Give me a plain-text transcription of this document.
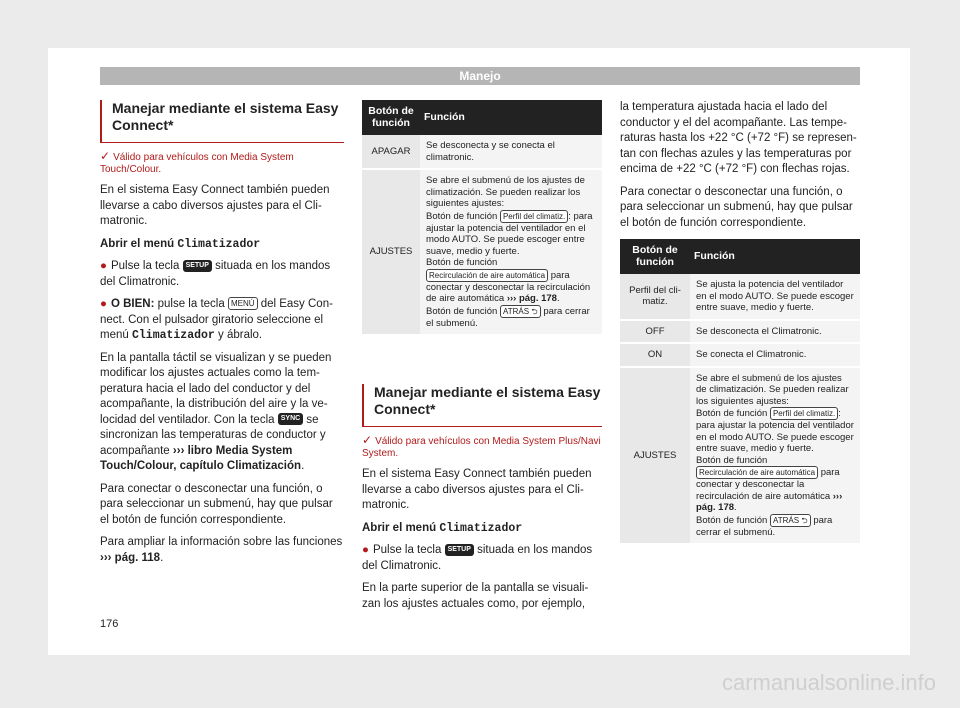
Manejo
Manejar mediante el sistema Easy Connect*
✓ Válido para vehículos con Media System Touch/Colour.

En el sistema Easy Connect también pueden llevarse a cabo diversos ajustes para el Climatronic.

Abrir el menú Climatizador

● Pulse la tecla SETUP situada en los mandos del Climatronic.

● O BIEN: pulse la tecla MENÚ del Easy Connect. Con el pulsador giratorio seleccione el menú Climatizador y ábralo.

En la pantalla táctil se visualizan y se pueden modificar los ajustes actuales como la temperatura hacia el lado del conductor y del acompañante, la distribución del aire y la velocidad del ventilador. Con la tecla SYNC se sincronizan las temperaturas de conductor y acompañante ››› libro Media System Touch/Colour, capítulo Climatización.

Para conectar o desconectar una función, o para seleccionar un submenú, hay que pulsar el botón de función correspondiente.

Para ampliar la información sobre las funciones ››› pág. 118.

Botón de función	Función
APAGAR	Se desconecta y se conecta el climatronic.
AJUSTES	Se abre el submenú de los ajustes de climatización. Se pueden realizar los siguientes ajustes:
Botón de función Perfil del climatiz. : para ajustar la potencia del ventilador en el modo AUTO. Se puede escoger entre suave, medio y fuerte.
Botón de función Recirculación de aire automática para conectar y desconectar la recirculación de aire automática ››› pág. 178.
Botón de función ATRÁS ⮌ para cerrar el submenú.
Manejar mediante el sistema Easy Connect*
✓ Válido para vehículos con Media System Plus/Navi System.

En el sistema Easy Connect también pueden llevarse a cabo diversos ajustes para el Climatronic.

Abrir el menú Climatizador

● Pulse la tecla SETUP situada en los mandos del Climatronic.

En la parte superior de la pantalla se visualizan los ajustes actuales como, por ejemplo,

la temperatura ajustada hacia el lado del conductor y el del acompañante. Las temperaturas hasta los +22 °C (+72 °F) se representan con flechas azules y las temperaturas por encima de +22 °C (+72 °F) con flechas rojas.

Para conectar o desconectar una función, o para seleccionar un submenú, hay que pulsar el botón de función correspondiente.

Botón de función	Función
Perfil del climatiz.	Se ajusta la potencia del ventilador en el modo AUTO. Se puede escoger entre suave, medio y fuerte.
OFF	Se desconecta el Climatronic.
ON	Se conecta el Climatronic.
AJUSTES	Se abre el submenú de los ajustes de climatización. Se pueden realizar los siguientes ajustes:
Botón de función Perfil del climatiz. : para ajustar la potencia del ventilador en el modo AUTO. Se puede escoger entre suave, medio y fuerte.
Botón de función Recirculación de aire automática para conectar y desconectar la recirculación de aire automática ››› pág. 178.
Botón de función ATRÁS ⮌ para cerrar el submenú.
176
carmanualsonline.info
